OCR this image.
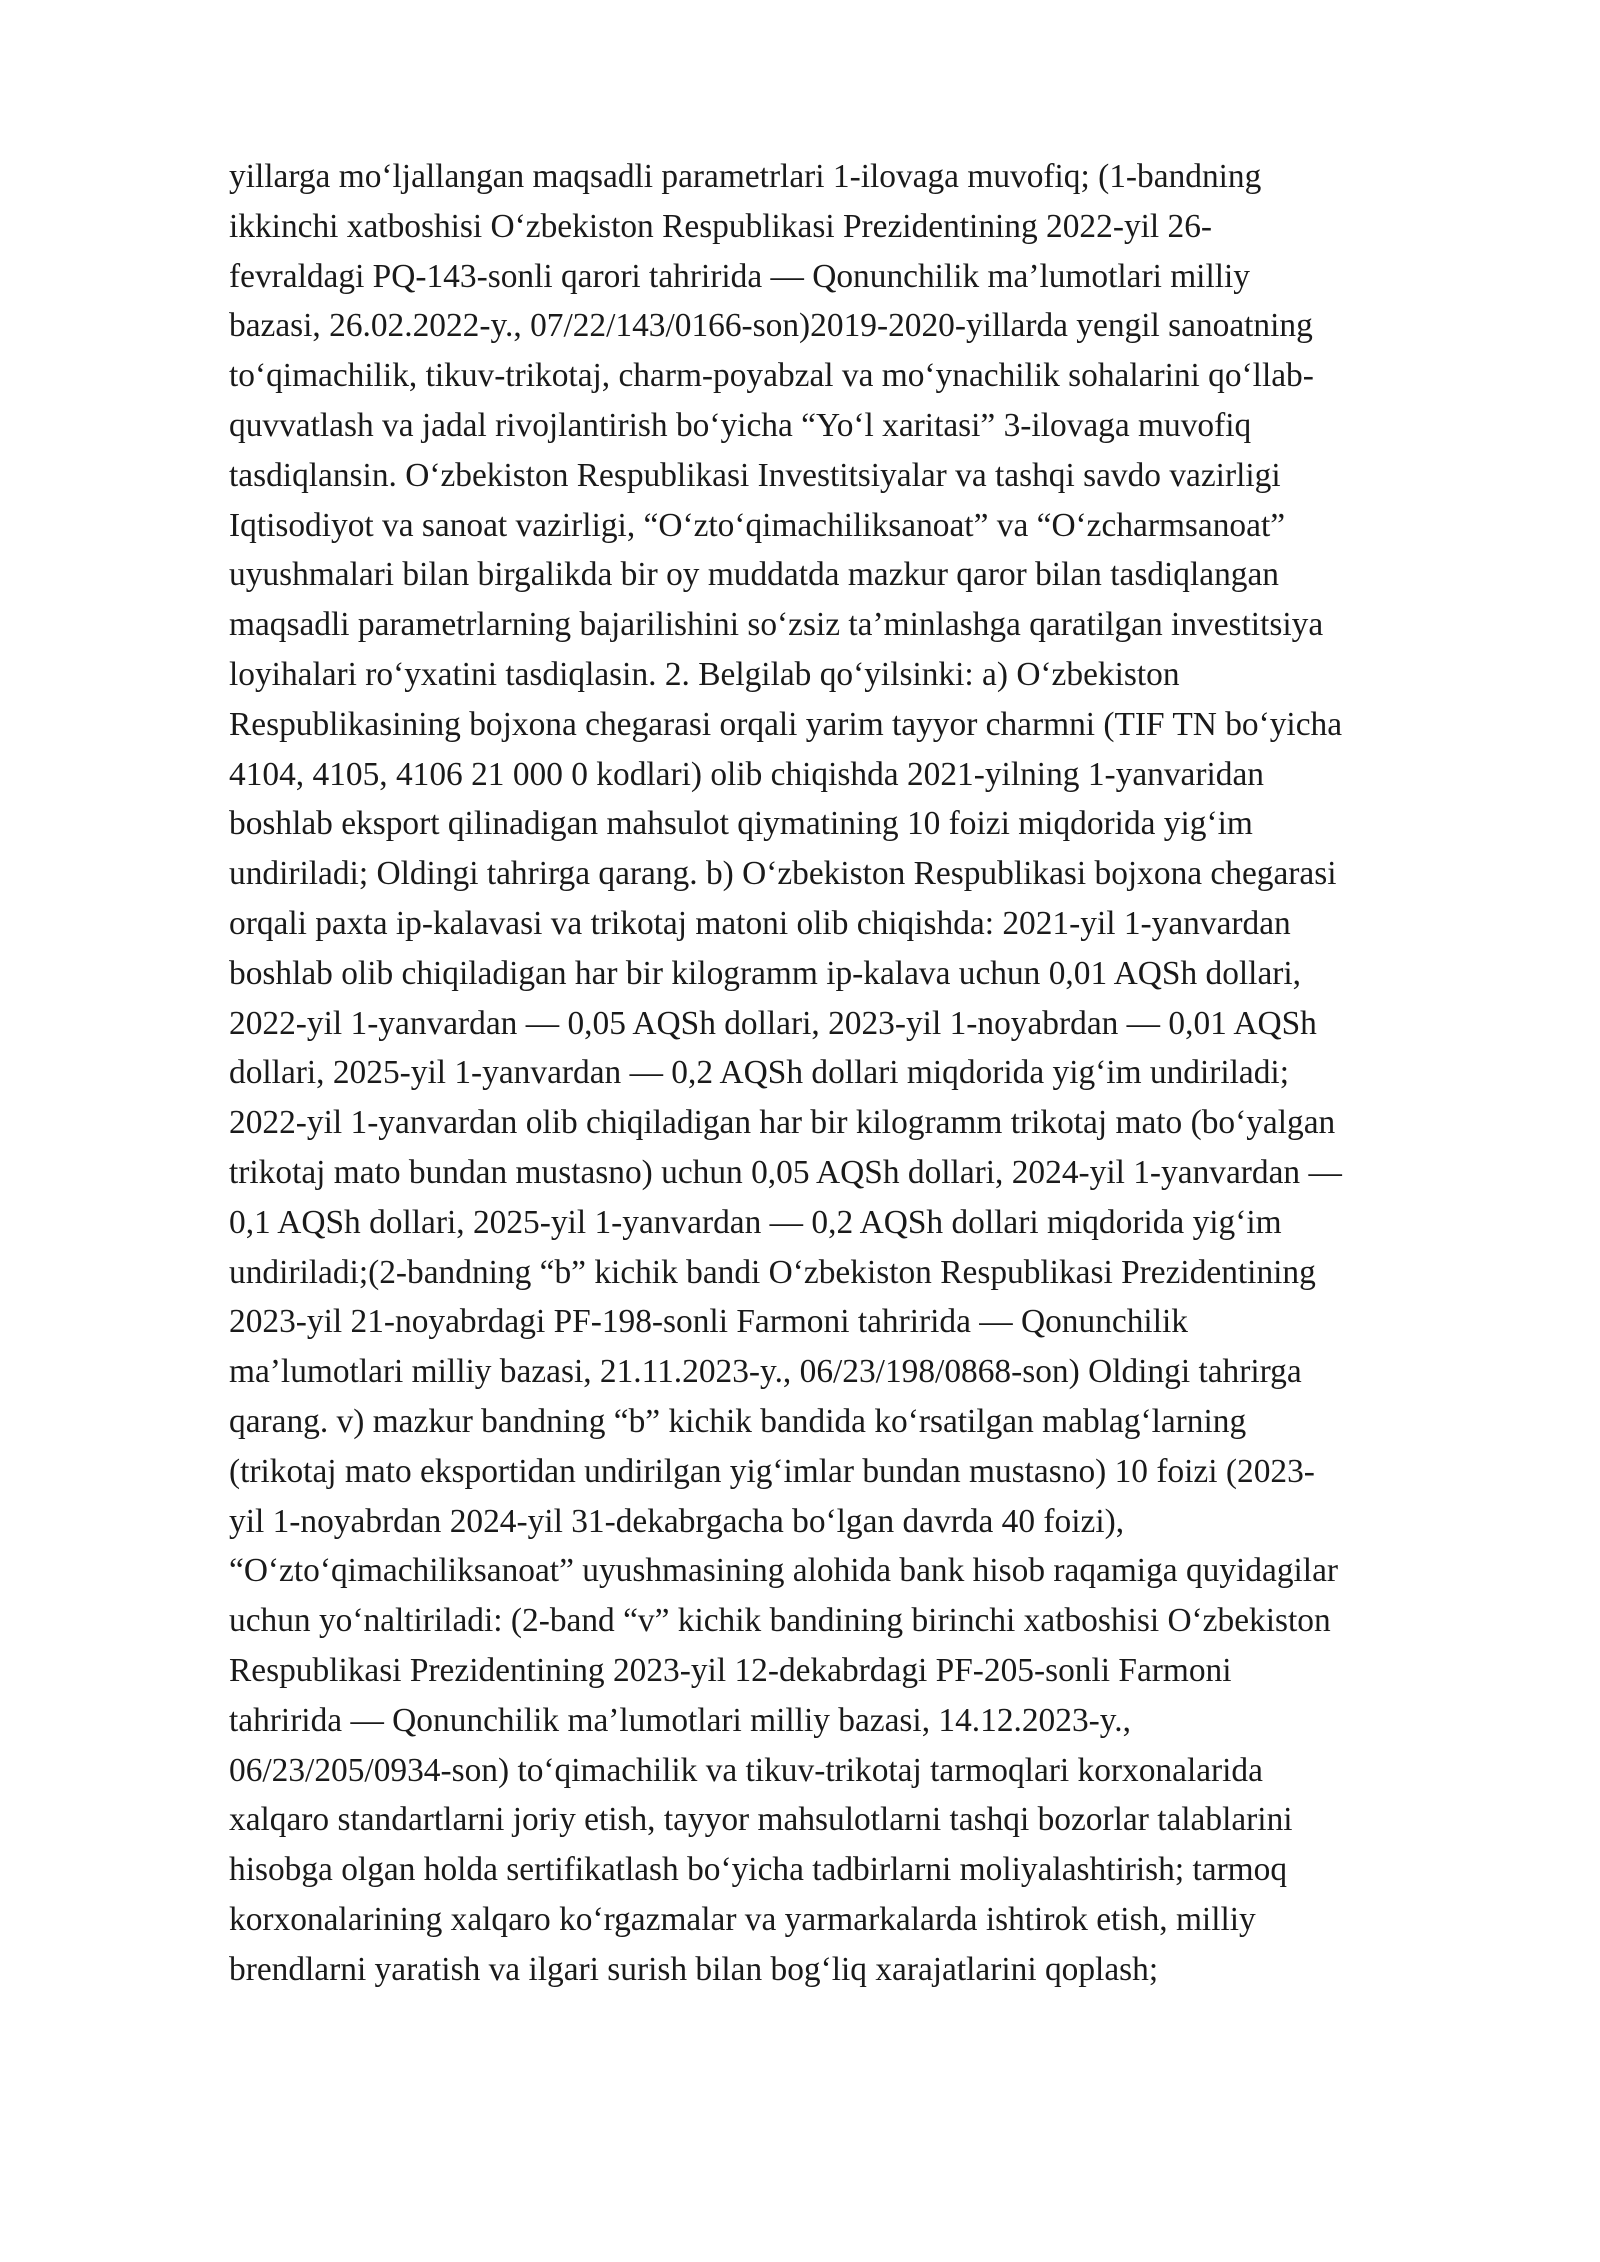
yillarga mo‘ljallangan maqsadli parametrlari 1-ilovaga muvofiq; (1-bandning
ikkinchi xatboshisi O‘zbekiston Respublikasi Prezidentining 2022-yil 26-
fevraldagi PQ-143-sonli qarori tahririda — Qonunchilik ma’lumotlari milliy
bazasi, 26.02.2022-y., 07/22/143/0166-son)2019-2020-yillarda yengil sanoatning
to‘qimachilik, tikuv-trikotaj, charm-poyabzal va mo‘ynachilik sohalarini qo‘llab-
quvvatlash va jadal rivojlantirish bo‘yicha “Yo‘l xaritasi” 3-ilovaga muvofiq
tasdiqlansin. O‘zbekiston Respublikasi Investitsiyalar va tashqi savdo vazirligi
Iqtisodiyot va sanoat vazirligi, “O‘zto‘qimachiliksanoat” va “O‘zcharmsanoat”
uyushmalari bilan birgalikda bir oy muddatda mazkur qaror bilan tasdiqlangan
maqsadli parametrlarning bajarilishini so‘zsiz ta’minlashga qaratilgan investitsiya
loyihalari ro‘yxatini tasdiqlasin. 2. Belgilab qo‘yilsinki: a) O‘zbekiston
Respublikasining bojxona chegarasi orqali yarim tayyor charmni (TIF TN bo‘yicha
4104, 4105, 4106 21 000 0 kodlari) olib chiqishda 2021-yilning 1-yanvaridan
boshlab eksport qilinadigan mahsulot qiymatining 10 foizi miqdorida yig‘im
undiriladi; Oldingi tahrirga qarang. b) O‘zbekiston Respublikasi bojxona chegarasi
orqali paxta ip-kalavasi va trikotaj matoni olib chiqishda: 2021-yil 1-yanvardan
boshlab olib chiqiladigan har bir kilogramm ip-kalava uchun 0,01 AQSh dollari,
2022-yil 1-yanvardan — 0,05 AQSh dollari, 2023-yil 1-noyabrdan — 0,01 AQSh
dollari, 2025-yil 1-yanvardan — 0,2 AQSh dollari miqdorida yig‘im undiriladi;
2022-yil 1-yanvardan olib chiqiladigan har bir kilogramm trikotaj mato (bo‘yalgan
trikotaj mato bundan mustasno) uchun 0,05 AQSh dollari, 2024-yil 1-yanvardan —
0,1 AQSh dollari, 2025-yil 1-yanvardan — 0,2 AQSh dollari miqdorida yig‘im
undiriladi;(2-bandning “b” kichik bandi O‘zbekiston Respublikasi Prezidentining
2023-yil 21-noyabrdagi PF-198-sonli Farmoni tahririda — Qonunchilik
ma’lumotlari milliy bazasi, 21.11.2023-y., 06/23/198/0868-son) Oldingi tahrirga
qarang. v) mazkur bandning “b” kichik bandida ko‘rsatilgan mablag‘larning
(trikotaj mato eksportidan undirilgan yig‘imlar bundan mustasno) 10 foizi (2023-
yil 1-noyabrdan 2024-yil 31-dekabrgacha bo‘lgan davrda 40 foizi),
“O‘zto‘qimachiliksanoat” uyushmasining alohida bank hisob raqamiga quyidagilar
uchun yo‘naltiriladi: (2-band “v” kichik bandining birinchi xatboshisi O‘zbekiston
Respublikasi Prezidentining 2023-yil 12-dekabrdagi PF-205-sonli Farmoni
tahririda — Qonunchilik ma’lumotlari milliy bazasi, 14.12.2023-y.,
06/23/205/0934-son) to‘qimachilik va tikuv-trikotaj tarmoqlari korxonalarida
xalqaro standartlarni joriy etish, tayyor mahsulotlarni tashqi bozorlar talablarini
hisobga olgan holda sertifikatlash bo‘yicha tadbirlarni moliyalashtirish; tarmoq
korxonalarining xalqaro ko‘rgazmalar va yarmarkalarda ishtirok etish, milliy
brendlarni yaratish va ilgari surish bilan bog‘liq xarajatlarini qoplash;
